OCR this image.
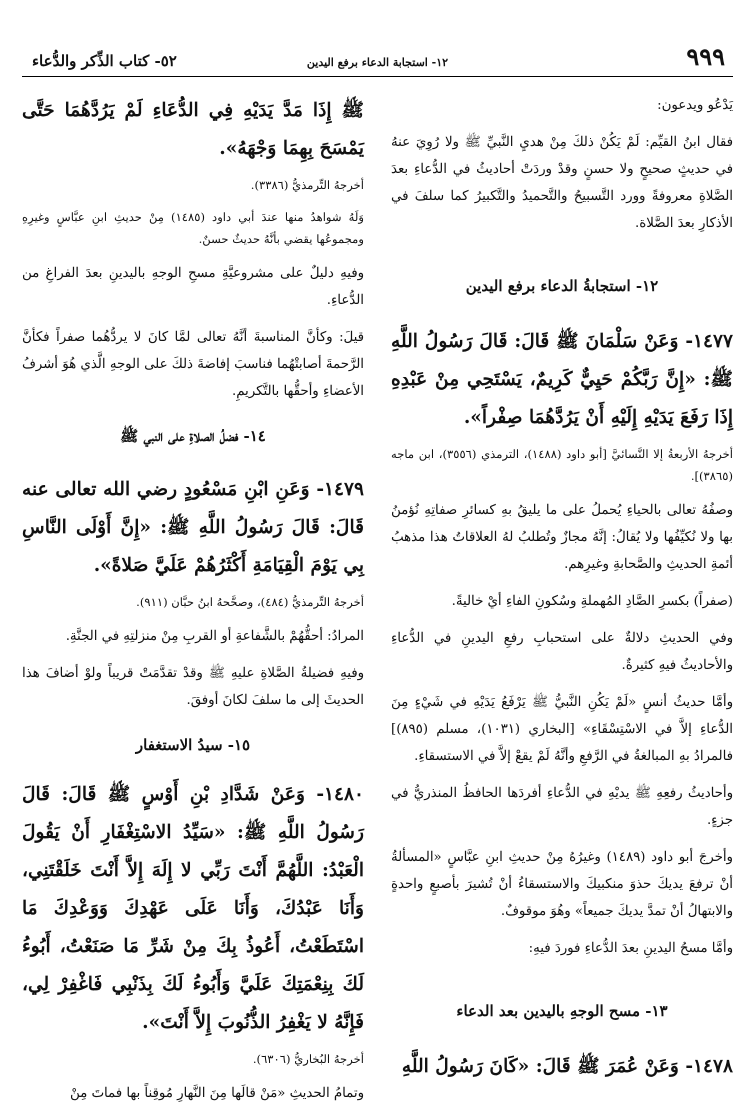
٩٩٩
١٢- استجابة الدعاء برفع اليدين
٥٢- كتاب الذِّكر والدُّعاء

يَدْعُو ويدعون:

فقال ابنُ القيِّم: لَمْ يَكُنْ ذلكَ مِنْ هديِ النَّبيِّ ﷺ ولا رُوِيَ عنهُ في حديثٍ صحيحٍ ولا حسنٍ وقدْ وردَتْ أحاديثُ في الدُّعاءِ بعدَ الصَّلاةِ معروفةً وورد التَّسبيحُ والتَّحميدُ والتَّكبيرُ كما سلفَ في الأذكارِ بعدَ الصَّلاة.

١٢- استجابةُ الدعاء برفع اليدين

١٤٧٧- وَعَنْ سَلْمَانَ ﷺ قَالَ: قَالَ رَسُولُ اللَّهِ ﷺ: «إِنَّ رَبَّكُمْ حَيِيٌّ كَرِيمٌ، يَسْتَحِي مِنْ عَبْدِهِ إِذَا رَفَعَ يَدَيْهِ إِلَيْهِ أَنْ يَرُدَّهُمَا صِفْراً».

أخرجهُ الأربعةُ إلا النَّسائيَّ [أبو داود (١٤٨٨)، الترمذي (٣٥٥٦)، ابن ماجه (٣٨٦٥)].

وصفُهُ تعالى بالحياءِ يُحملُ على ما يليقُ بهِ كسائرِ صفاتِهِ نُؤمنُ بها ولا نُكيِّفُها ولا يُقالُ: إنَّهُ مجازٌ وتُطلبُ لهُ العلاقاتُ هذا مذهبُ أئمةِ الحديثِ والصَّحابةِ وغيرِهم.

(صفراً) بكسرِ الصَّادِ المُهملةِ وسُكونِ الفاءِ أيْ خاليةً.

وفي الحديثِ دلالةٌ على استحبابِ رفعِ اليدينِ في الدُّعاءِ والأحاديثُ فيهِ كثيرةٌ.

وأمَّا حديثُ أنسٍ «لَمْ يَكُنِ النَّبيُّ ﷺ يَرْفَعُ يَدَيْهِ في شَيْءٍ مِنَ الدُّعاءِ إلاَّ في الاسْتِسْقَاءِ» [البخاري (١٠٣١)، مسلم (٨٩٥)] فالمرادُ بهِ المبالغةُ في الرَّفعِ وأنَّهُ لَمْ يقعْ إلاَّ في الاستسقاءِ.

وأحاديثُ رفعِهِ ﷺ يديْهِ في الدُّعاءِ أفردَها الحافظُ المنذريُّ في جزءٍ.

وأخرجَ أبو داود (١٤٨٩) وغيرُهُ مِنْ حديثِ ابنِ عبَّاسٍ «المسألةُ أنْ ترفعَ يديكَ حذوَ منكبيكَ والاستسقاءُ أنْ تُشيرَ بأصبعٍ واحدةٍ والابتهالُ أنْ تمدَّ يديكَ جميعاً» وهُوَ موقوفٌ.

وأمَّا مسحُ اليدينِ بعدَ الدُّعاءِ فوردَ فيهِ:

١٣- مسح الوجهِ باليدين بعد الدعاء

١٤٧٨- وَعَنْ عُمَرَ ﷺ قَالَ: «كَانَ رَسُولُ اللَّهِ

ﷺ إِذَا مَدَّ يَدَيْهِ فِي الدُّعَاءِ لَمْ يَرُدَّهُمَا حَتَّى يَمْسَحَ بِهِمَا وَجْهَهُ».

أخرجهُ التِّرمذيُّ (٣٣٨٦).

وَلَهُ شواهدُ منها عندَ أبي داود (١٤٨٥) مِنْ حديثِ ابنِ عبَّاسٍ وغيرِهِ ومجموعُها يقضي بأنَّهُ حديثٌ حسنٌ.

وفيهِ دليلٌ على مشروعيَّةِ مسحِ الوجهِ باليدينِ بعدَ الفراغِ من الدُّعاءِ.

قيلَ: وكأنَّ المناسبةَ أنَّهُ تعالى لمَّا كانَ لا يردُّهُما صفراً فكأنَّ الرَّحمةَ أصابتْهُما فناسبَ إفاضةَ ذلكَ على الوجهِ الَّذي هُوَ أشرفُ الأعضاءِ وأحقُّها بالتَّكريمِ.

١٤- فضلُ الصلاةِ على النبي ﷺ

١٤٧٩- وَعَنِ ابْنِ مَسْعُودٍ رضي الله تعالى عنه قَالَ: قَالَ رَسُولُ اللَّهِ ﷺ: «إِنَّ أَوْلَى النَّاسِ بِي يَوْمَ الْقِيَامَةِ أَكْثَرُهُمْ عَلَيَّ صَلاةً».

أخرجهُ التِّرمذيُّ (٤٨٤)، وصحَّحهُ ابنُ حبَّان (٩١١).

المرادُ: أحقُّهُمْ بالشَّفاعةِ أو القربِ مِنْ منزلتِهِ في الجنَّةِ.

وفيهِ فضيلةُ الصَّلاةِ عليهِ ﷺ وقدْ تقدَّمَتْ قريباً ولوْ أضافَ هذا الحديثَ إلى ما سلفَ لكانَ أوفقَ.

١٥- سيدُ الاستغفار

١٤٨٠- وَعَنْ شَدَّادِ بْنِ أَوْسٍ ﷺ قَالَ: قَالَ رَسُولُ اللَّهِ ﷺ: «سَيِّدُ الاسْتِغْفَارِ أَنْ يَقُولَ الْعَبْدُ: اللَّهُمَّ أَنْتَ رَبِّي لا إِلَهَ إِلاَّ أَنْتَ خَلَقْتَنِي، وَأَنَا عَبْدُكَ، وَأَنَا عَلَى عَهْدِكَ وَوَعْدِكَ مَا اسْتَطَعْتُ، أَعُوذُ بِكَ مِنْ شَرِّ مَا صَنَعْتُ، أَبُوءُ لَكَ بِنِعْمَتِكَ عَلَيَّ وَأَبُوءُ لَكَ بِذَنْبِي فَاغْفِرْ لِي، فَإِنَّهُ لا يَغْفِرُ الذُّنُوبَ إِلاَّ أَنْتَ».

أخرجهُ البُخاريُّ (٦٣٠٦).

وتمامُ الحديثِ «مَنْ قالَها مِنَ النَّهارِ مُوقِناً بها فماتَ مِنْ
